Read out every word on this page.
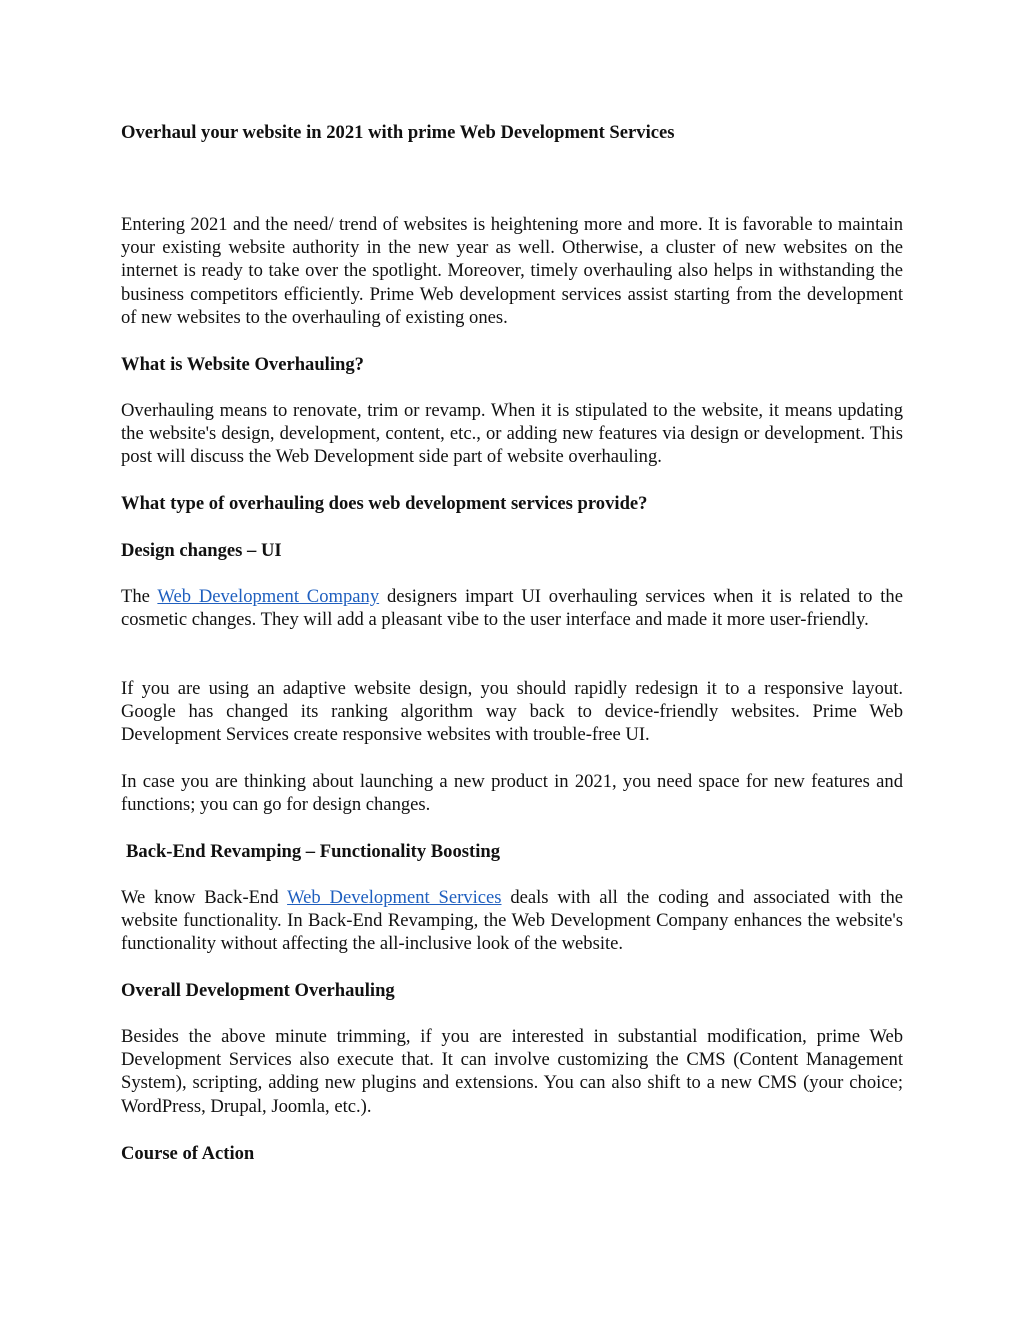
Overhaul your website in 2021 with prime Web Development Services

Entering 2021 and the need/ trend of websites is heightening more and more. It is favorable to maintain your existing website authority in the new year as well. Otherwise, a cluster of new websites on the internet is ready to take over the spotlight. Moreover, timely overhauling also helps in withstanding the business competitors efficiently. Prime Web development services assist starting from the development of new websites to the overhauling of existing ones.

What is Website Overhauling?

Overhauling means to renovate, trim or revamp. When it is stipulated to the website, it means updating the website's design, development, content, etc., or adding new features via design or development. This post will discuss the Web Development side part of website overhauling.

What type of overhauling does web development services provide?

Design changes – UI

The Web Development Company designers impart UI overhauling services when it is related to the cosmetic changes. They will add a pleasant vibe to the user interface and made it more user-friendly.

If you are using an adaptive website design, you should rapidly redesign it to a responsive layout. Google has changed its ranking algorithm way back to device-friendly websites. Prime Web Development Services create responsive websites with trouble-free UI.

In case you are thinking about launching a new product in 2021, you need space for new features and functions; you can go for design changes.

Back-End Revamping – Functionality Boosting

We know Back-End Web Development Services deals with all the coding and associated with the website functionality. In Back-End Revamping, the Web Development Company enhances the website's functionality without affecting the all-inclusive look of the website.

Overall Development Overhauling

Besides the above minute trimming, if you are interested in substantial modification, prime Web Development Services also execute that. It can involve customizing the CMS (Content Management System), scripting, adding new plugins and extensions. You can also shift to a new CMS (your choice; WordPress, Drupal, Joomla, etc.).

Course of Action
